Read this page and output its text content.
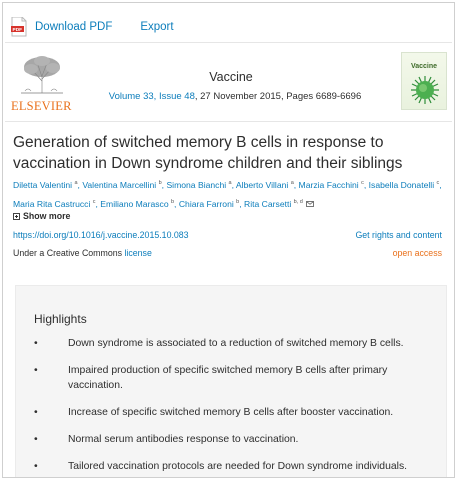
PDF Download PDF Export
ELSEVIER
Vaccine
Volume 33, Issue 48, 27 November 2015, Pages 6689-6696
Vaccine
Generation of switched memory B cells in response to vaccination in Down syndrome children and their siblings
Diletta Valentini $^a$, Valentina Marcellini $^b$, Simona Bianchi $^a$, Alberto Villani $^a$, Marzia Facchini $^c$, Isabella Donatelli $^c$,
Maria Rita Castrucci $^c$, Emiliano Marasco $^b$, Chiara Farroni $^b$, Rita Carsetti $^{b, d}$
Show more
https://doi.org/10.1016/j.vaccine.2015.10.083	Get rights and content
Under a Creative Commons license	open access
Highlights
•	Down syndrome is associated to a reduction of switched memory B cells.
•	Impaired production of specific switched memory B cells after primary vaccination.
•	Increase of specific switched memory B cells after booster vaccination.
•	Normal serum antibodies response to vaccination.
•	Tailored vaccination protocols are needed for Down syndrome individuals.
